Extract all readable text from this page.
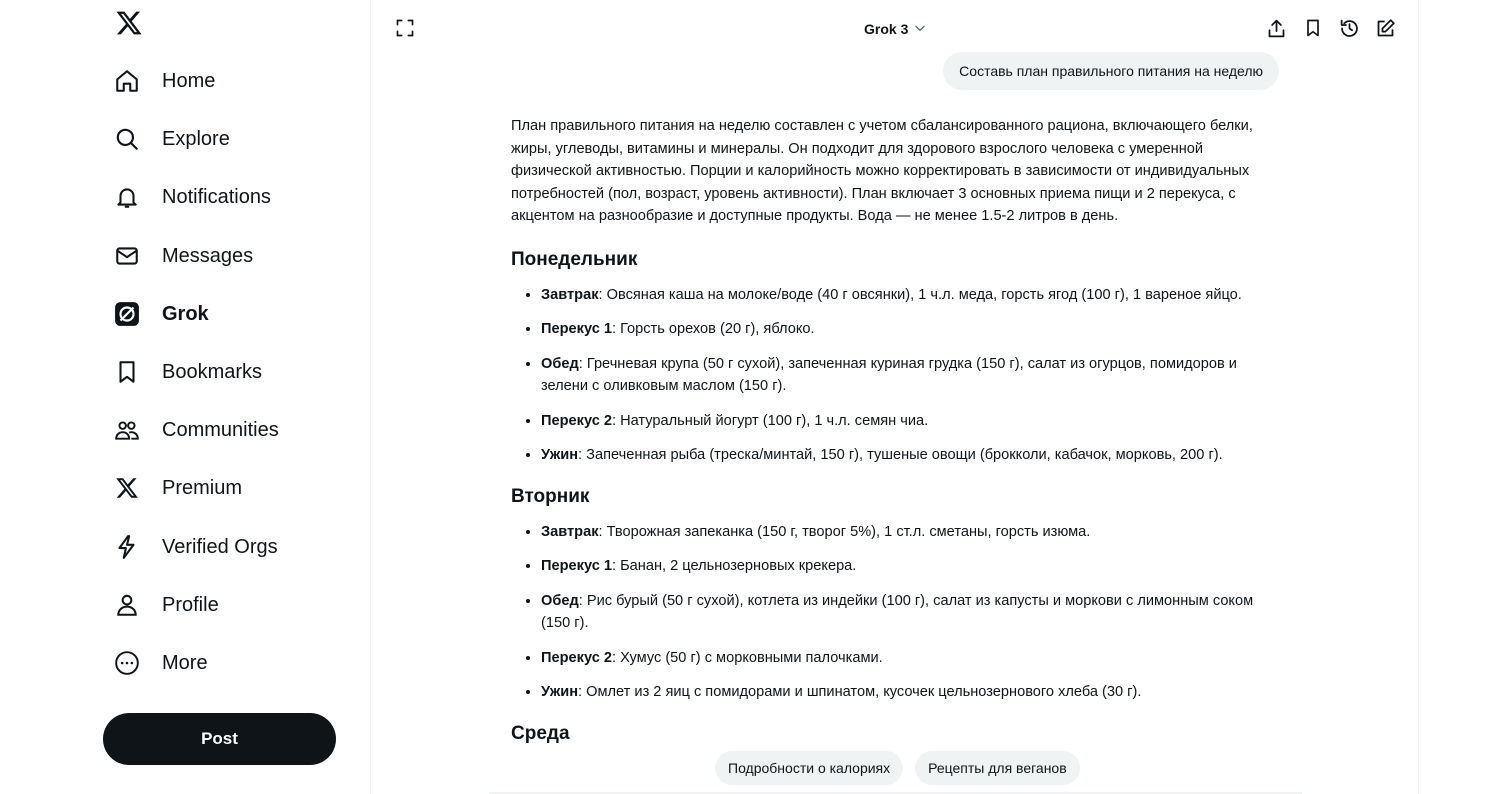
Home
Explore
Notifications
Messages
Grok
Bookmarks
Communities
Premium
Verified Orgs
Profile
More
Post
Grok 3
Составь план правильного питания на неделю

План правильного питания на неделю составлен с учетом сбалансированного рациона, включающего белки, жиры, углеводы, витамины и минералы. Он подходит для здорового взрослого человека с умеренной физической активностью. Порции и калорийность можно корректировать в зависимости от индивидуальных потребностей (пол, возраст, уровень активности). План включает 3 основных приема пищи и 2 перекуса, с акцентом на разнообразие и доступные продукты. Вода — не менее 1.5-2 литров в день.

Понедельник
• Завтрак: Овсяная каша на молоке/воде (40 г овсянки), 1 ч.л. меда, горсть ягод (100 г), 1 вареное яйцо.
• Перекус 1: Горсть орехов (20 г), яблоко.
• Обед: Гречневая крупа (50 г сухой), запеченная куриная грудка (150 г), салат из огурцов, помидоров и зелени с оливковым маслом (150 г).
• Перекус 2: Натуральный йогурт (100 г), 1 ч.л. семян чиа.
• Ужин: Запеченная рыба (треска/минтай, 150 г), тушеные овощи (брокколи, кабачок, морковь, 200 г).
Вторник
• Завтрак: Творожная запеканка (150 г, творог 5%), 1 ст.л. сметаны, горсть изюма.
• Перекус 1: Банан, 2 цельнозерновых крекера.
• Обед: Рис бурый (50 г сухой), котлета из индейки (100 г), салат из капусты и моркови с лимонным соком (150 г).
• Перекус 2: Хумус (50 г) с морковными палочками.
• Ужин: Омлет из 2 яиц с помидорами и шпинатом, кусочек цельнозернового хлеба (30 г).
Среда
Подробности о калориях	Рецепты для веганов
